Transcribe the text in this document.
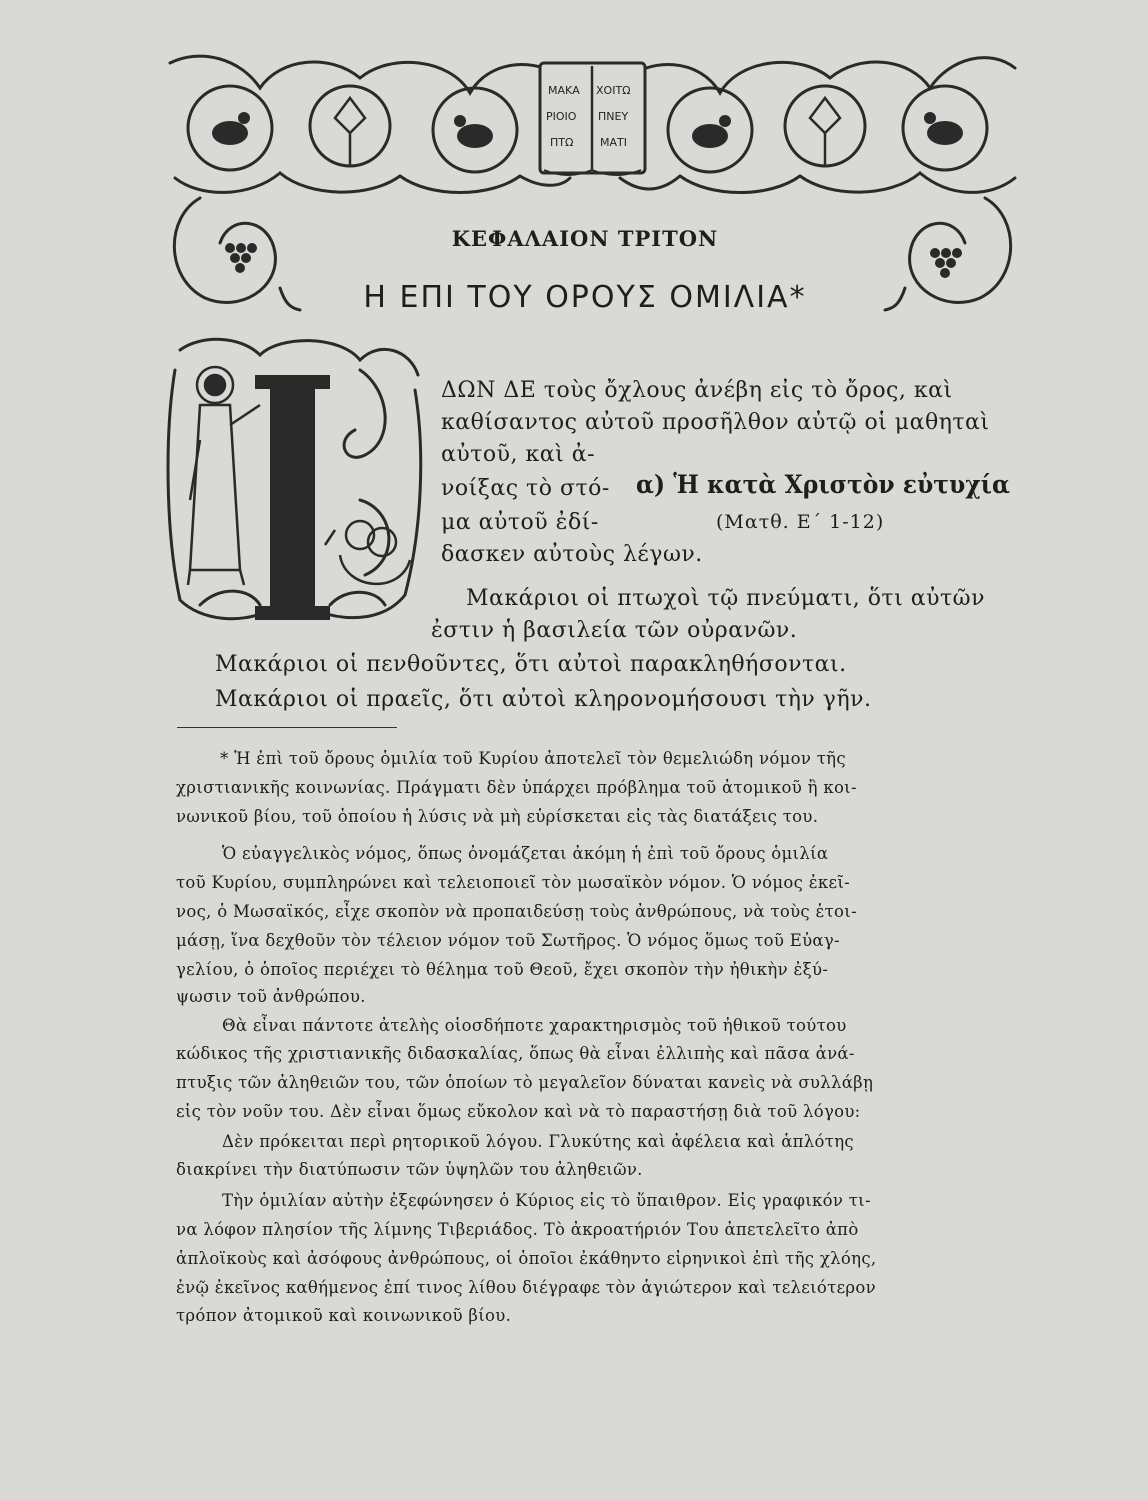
ΜΑΚΑ
ΡΙΟΙΟ
ΠΤΩ
ΧΟΙΤΩ
ΠΝΕΥ
ΜΑΤΙ
ΚΕΦΑΛΑΙΟΝ ΤΡΙΤΟΝ
Η ΕΠΙ ΤΟΥ ΟΡΟΥΣ ΟΜΙΛΙΑ*
ΔΩΝ ΔΕ τοὺς ὄχλους ἀνέβη εἰς τὸ ὄρος, καὶ
καθίσαντος αὐτοῦ προσῆλθον αὐτῷ οἱ μαθηταὶ
αὐτοῦ, καὶ ἀ-
νοίξας τὸ στό-
μα αὐτοῦ ἐδί-
δασκεν αὐτοὺς λέγων.
Μακάριοι οἱ πτωχοὶ τῷ πνεύματι, ὅτι αὐτῶν
ἐστιν ἡ βασιλεία τῶν οὐρανῶν.
Μακάριοι οἱ πενθοῦντες, ὅτι αὐτοὶ παρακληθήσονται.
Μακάριοι οἱ πραεῖς, ὅτι αὐτοὶ κληρονομήσουσι τὴν γῆν.
α) Ἡ κατὰ Χριστὸν εὐτυχία
(Ματθ. Ε΄ 1-12)
* Ἡ ἐπὶ τοῦ ὄρους ὁμιλία τοῦ Κυρίου ἀποτελεῖ τὸν θεμελιώδη νόμον τῆς
χριστιανικῆς κοινωνίας. Πράγματι δὲν ὑπάρχει πρόβλημα τοῦ ἀτομικοῦ ἢ κοι-
νωνικοῦ βίου, τοῦ ὁποίου ἡ λύσις νὰ μὴ εὑρίσκεται εἰς τὰς διατάξεις του.
Ὁ εὐαγγελικὸς νόμος, ὅπως ὀνομάζεται ἀκόμη ἡ ἐπὶ τοῦ ὄρους ὁμιλία
τοῦ Κυρίου, συμπληρώνει καὶ τελειοποιεῖ τὸν μωσαϊκὸν νόμον. Ὁ νόμος ἐκεῖ-
νος, ὁ Μωσαϊκός, εἶχε σκοπὸν νὰ προπαιδεύσῃ τοὺς ἀνθρώπους, νὰ τοὺς ἑτοι-
μάσῃ, ἵνα δεχθοῦν τὸν τέλειον νόμον τοῦ Σωτῆρος. Ὁ νόμος ὅμως τοῦ Εὐαγ-
γελίου, ὁ ὁποῖος περιέχει τὸ θέλημα τοῦ Θεοῦ, ἔχει σκοπὸν τὴν ἠθικὴν ἐξύ-
ψωσιν τοῦ ἀνθρώπου.
Θὰ εἶναι πάντοτε ἀτελὴς οἱοσδήποτε χαρακτηρισμὸς τοῦ ἠθικοῦ τούτου
κώδικος τῆς χριστιανικῆς διδασκαλίας, ὅπως θὰ εἶναι ἐλλιπὴς καὶ πᾶσα ἀνά-
πτυξις τῶν ἀληθειῶν του, τῶν ὁποίων τὸ μεγαλεῖον δύναται κανεὶς νὰ συλλάβῃ
εἰς τὸν νοῦν του. Δὲν εἶναι ὅμως εὔκολον καὶ νὰ τὸ παραστήσῃ διὰ τοῦ λόγου:
Δὲν πρόκειται περὶ ρητορικοῦ λόγου. Γλυκύτης καὶ ἀφέλεια καὶ ἁπλότης
διακρίνει τὴν διατύπωσιν τῶν ὑψηλῶν του ἀληθειῶν.
Τὴν ὁμιλίαν αὐτὴν ἐξεφώνησεν ὁ Κύριος εἰς τὸ ὕπαιθρον. Εἰς γραφικόν τι-
να λόφον πλησίον τῆς λίμνης Τιβεριάδος. Τὸ ἀκροατήριόν Του ἀπετελεῖτο ἀπὸ
ἁπλοϊκοὺς καὶ ἀσόφους ἀνθρώπους, οἱ ὁποῖοι ἐκάθηντο εἰρηνικοὶ ἐπὶ τῆς χλόης,
ἐνῷ ἐκεῖνος καθήμενος ἐπί τινος λίθου διέγραφε τὸν ἁγιώτερον καὶ τελειότερον
τρόπον ἀτομικοῦ καὶ κοινωνικοῦ βίου.
